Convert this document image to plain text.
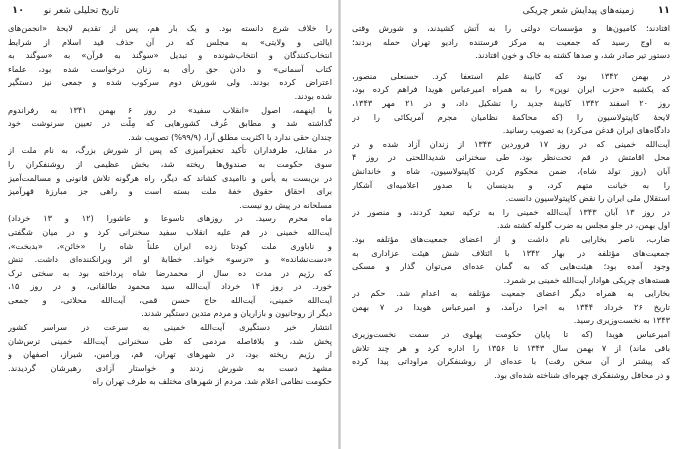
۱۱
زمینه‌های پیدایش شعر چریکی
افتادند؛ کامیون‌ها و مؤسسات دولتی را به آتش کشیدند، و شورش وقتی
به اوج رسید که جمعیت به مرکز فرستنده رادیو تهران حمله بردند؛
دستور تیر صادر شد، و صدها کشته به خاک و خون افتادند.
در بهمن ۱۳۴۲ بود که کابینهٔ علم استعفا کرد. حسنعلی منصور،
که یکشبه «حزب ایران نوین» را به همراه امیرعباس هویدا فراهم کرده بود،
روز ۲۰ اسفند ۱۳۴۲ کابینهٔ جدید را تشکیل داد، و در ۲۱ مهر ۱۳۴۳،
لایحهٔ کاپیتولاسیون را (که محاکمهٔ نظامیان مجرم آمریکائی را در
دادگاه‌های ایران قدغن می‌کرد) به تصویب رسانید.
آیت‌الله خمینی که در روز ۱۷ فروردین ۱۳۴۳ از زندان آزاد شده و در
محل اقامتش در قم تحت‌نظر بود، طی سخنرانی شدیداللحنی در روز ۴
آبان (روز تولد شاه)، ضمن محکوم کردن کاپیتولاسیون، شاه و خاندانش
را به خیانت متهم کرد، و بدینسان با صدور اعلامیه‌ای آشکار
استقلال ملی ایران را نقض کاپیتولاسیون دانست.
در روز ۱۳ آبان ۱۳۴۳ آیت‌الله خمینی را به ترکیه تبعید کردند، و منصور در
اول بهمن، در جلو مجلس به ضرب گلوله کشته شد.
ضارب، ناصر بخارایی نام داشت و از اعضای جمعیت‌های مؤتلفه بود.
جمعیت‌های مؤتلفه در بهار ۱۳۴۲ با ائتلاف شش هیئت عزاداری به
وجود آمده بود؛ هیئت‌هایی که به گمان عده‌ای می‌توان گذار و مسکی
هسته‌های چریکی هوادار آیت‌الله خمینی بر شمرد.
بخارایی به همراه دیگر اعضای جمعیت مؤتلفه به اعدام شد. حکم در
تاریخ ۲۶ خرداد ۱۳۴۴ به اجرا درآمد، و امیرعباس هویدا در ۷ بهمن
۱۳۴۳ به نخست‌وزیری رسید.
امیرعباس هویدا (که تا پایان حکومت پهلوی در سمت نخست‌وزیری
باقی ماند) از ۷ بهمن سال ۱۳۴۳ تا ۱۳۵۶ را اداره کرد و هر چند تلاش
که پیشتر از آن سخن رفت) با عده‌ای از روشنفکران مراوداتی پیدا کرده
و در محافل روشنفکری چهره‌ای شناخته شده‌ای بود.
۱۰ تاریخ تحلیلی شعر نو
را خلاف شرع دانسته بود. و یک بار هم، پس از تقدیم لایحهٔ «انجمن‌های
ایالتی و ولایتی» به مجلس که در آن حذف قید اسلام از شرایط
انتخاب‌کنندگان و انتخاب‌شونده و تبدیل «سوگند به قرآن» به «سوگند به
کتاب آسمانی» و دادن حق رأی به زنان درخواست شده بود، علماء
اعتراض کرده بودند. ولی شورش دوم سرکوب شده و جمعی نیز دستگیر
شده بودند.
با اینهمه، اصول «انقلاب سفید» در روز ۶ بهمن ۱۳۴۱ به رفراندوم
گذاشته شد و مطابق عُرف کشورهایی که مِلَّت در تعیین سرنوشت خود
چندان حقی ندارد با اکثریت مطلق آرا، (۹۹/۹%) تصویب شد.
در مقابل، طرفداران تأکید تحقیرآمیزی که پس از شورش بزرگ، به نام ملت از
سوی حکومت به صندوق‌ها ریخته شد، بخش عظیمی از روشنفکران را
در بن‌بست به یأس و ناامیدی کشاند که دیگر، راه هرگونه تلاش قانونی و مسالمت‌آمیز
برای احقاق حقوق خفهٔ ملت بسته است و راهی جز مبارزهٔ قهرآمیز
مسلحانه در پیش رو نیست.
ماه محرم رسید. در روزهای تاسوعا و عاشورا (۱۲ و ۱۳ خرداد)
آیت‌الله خمینی در قم علیه انقلاب سفید سخنرانی کرد و در میان شگفتی
و ناباوری ملت کودتا زده ایران علناً شاه را «خائن»، «بدبخت»،
«دست‌نشانده» و «ترسو» خواند. خطابهٔ او اثر ویرانکننده‌ای داشت. تنش
که رژیم در مدت ده سال از محمدرضا شاه پرداخته بود به سختی ترک
خورد. در روز ۱۴ خرداد آیت‌الله سید محمود طالقانی، و در روز ۱۵،
آیت‌الله خمینی، آیت‌الله حاج حسن قمی، آیت‌الله محلاتی، و جمعی
دیگر از روحانیون و بازاریان و مردم متدین دستگیر شدند.
انتشار خبر دستگیری آیت‌الله خمینی به سرعت در سراسر کشور
پخش شد، و بلافاصله مردمی که طی سخنرانی آیت‌الله خمینی ترس‌شان
از رژیم ریخته بود، در شهرهای تهران، قم، ورامین، شیراز، اصفهان و
مشهد دست به شورش زدند و خواستار آزادی رهبرشان گردیدند.
حکومت نظامی اعلام شد. مردم از شهرهای مختلف به طرف تهران راه
